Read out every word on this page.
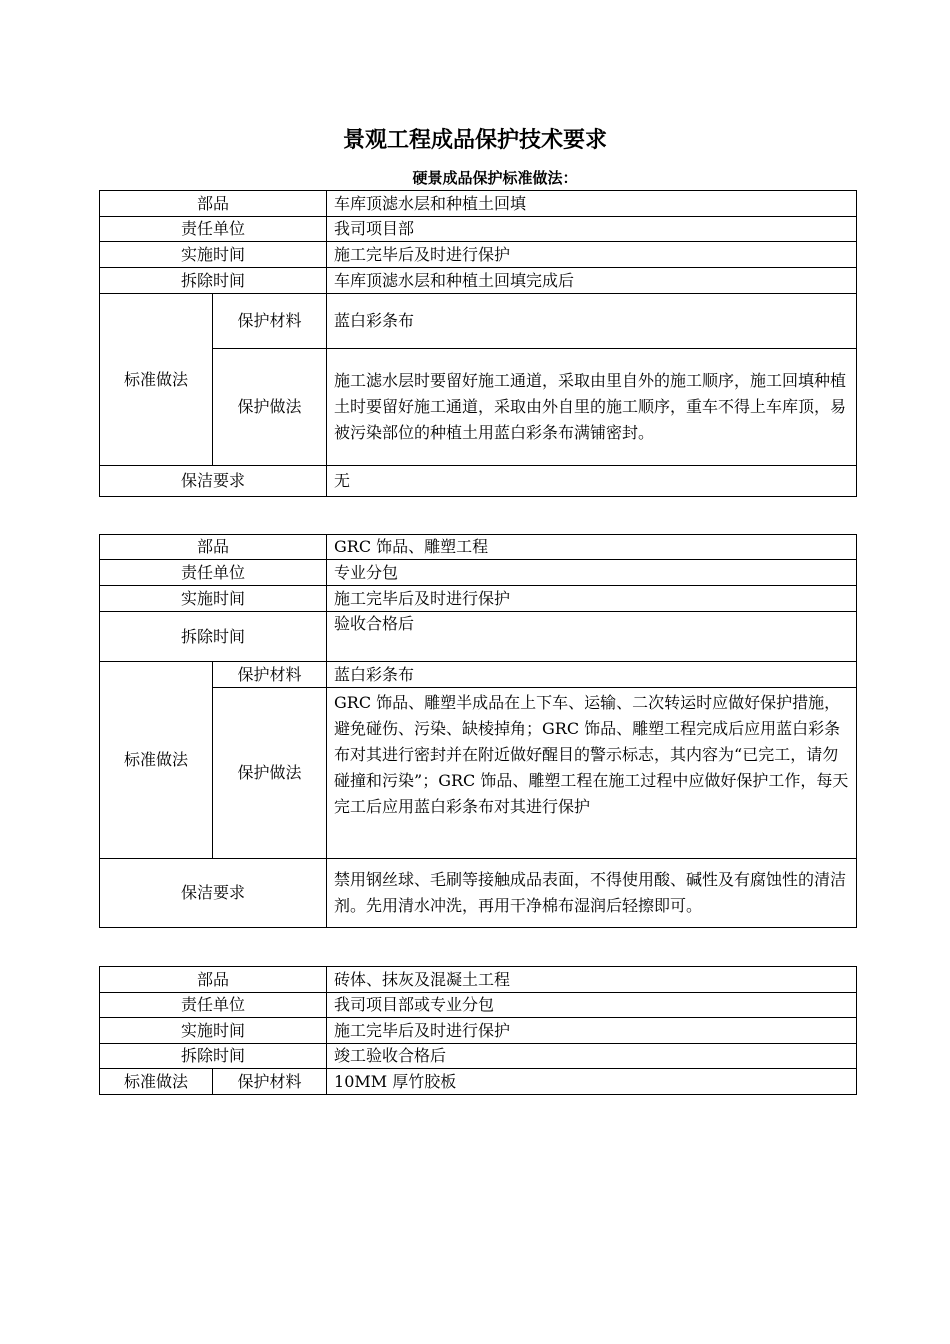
景观工程成品保护技术要求
硬景成品保护标准做法：
部品		车库顶滤水层和种植土回填
责任单位		我司项目部
实施时间		施工完毕后及时进行保护
拆除时间		车库顶滤水层和种植土回填完成后
标准做法	保护材料	蓝白彩条布
	保护做法	施工滤水层时要留好施工通道，采取由里自外的施工顺序，施工回填种植土时要留好施工通道，采取由外自里的施工顺序，重车不得上车库顶，易被污染部位的种植土用蓝白彩条布满铺密封。
保洁要求		无
部品		GRC 饰品、雕塑工程
责任单位		专业分包
实施时间		施工完毕后及时进行保护
拆除时间		验收合格后
标准做法	保护材料	蓝白彩条布
	保护做法	GRC 饰品、雕塑半成品在上下车、运输、二次转运时应做好保护措施，避免碰伤、污染、缺棱掉角；GRC 饰品、雕塑工程完成后应用蓝白彩条布对其进行密封并在附近做好醒目的警示标志，其内容为“已完工，请勿碰撞和污染”；GRC 饰品、雕塑工程在施工过程中应做好保护工作，每天完工后应用蓝白彩条布对其进行保护
保洁要求		禁用钢丝球、毛刷等接触成品表面，不得使用酸、碱性及有腐蚀性的清洁剂。先用清水冲洗，再用干净棉布湿润后轻擦即可。
部品		砖体、抹灰及混凝土工程
责任单位		我司项目部或专业分包
实施时间		施工完毕后及时进行保护
拆除时间		竣工验收合格后
标准做法	保护材料	10MM 厚竹胶板
